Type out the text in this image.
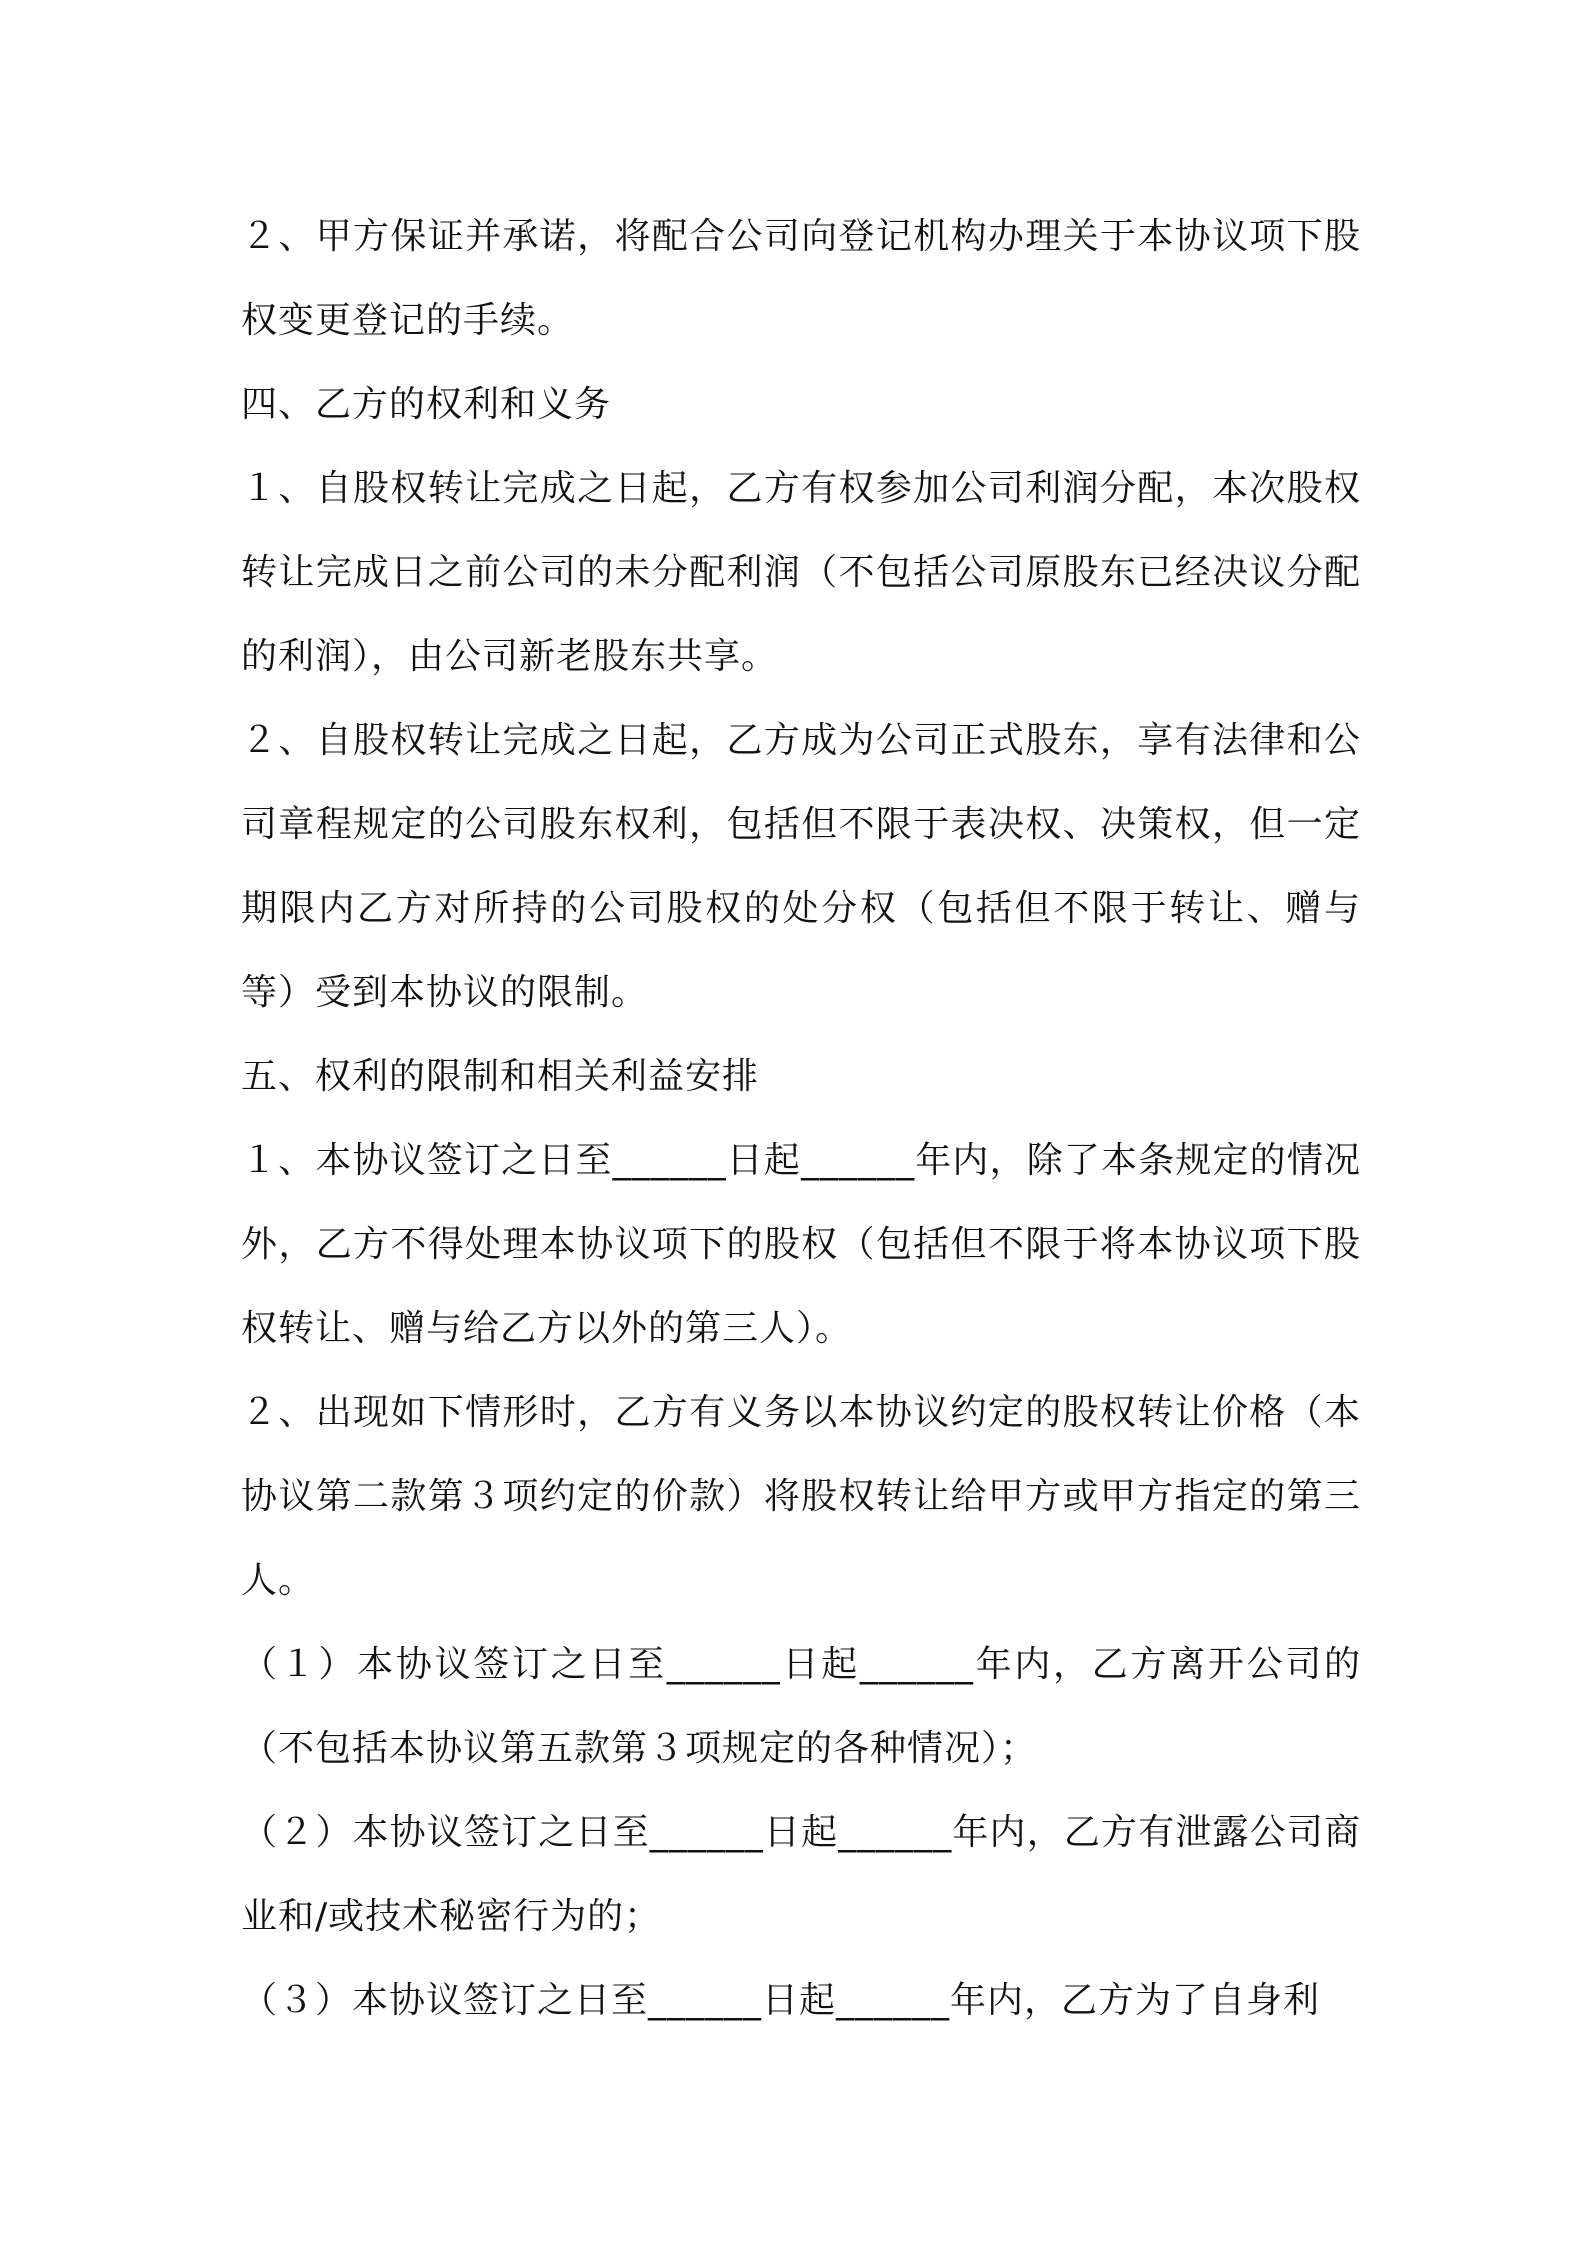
２、甲方保证并承诺，将配合公司向登记机构办理关于本协议项下股权变更登记的手续。

四、乙方的权利和义务

１、自股权转让完成之日起，乙方有权参加公司利润分配，本次股权转让完成日之前公司的未分配利润（不包括公司原股东已经决议分配的利润），由公司新老股东共享。

２、自股权转让完成之日起，乙方成为公司正式股东，享有法律和公司章程规定的公司股东权利，包括但不限于表决权、决策权，但一定期限内乙方对所持的公司股权的处分权（包括但不限于转让、赠与等）受到本协议的限制。

五、权利的限制和相关利益安排

１、本协议签订之日至______日起______年内，除了本条规定的情况外，乙方不得处理本协议项下的股权（包括但不限于将本协议项下股权转让、赠与给乙方以外的第三人）。

２、出现如下情形时，乙方有义务以本协议约定的股权转让价格（本协议第二款第３项约定的价款）将股权转让给甲方或甲方指定的第三人。

（１）本协议签订之日至______日起______年内，乙方离开公司的（不包括本协议第五款第３项规定的各种情况）；

（２）本协议签订之日至______日起______年内，乙方有泄露公司商业和/或技术秘密行为的；

（３）本协议签订之日至______日起______年内，乙方为了自身利
